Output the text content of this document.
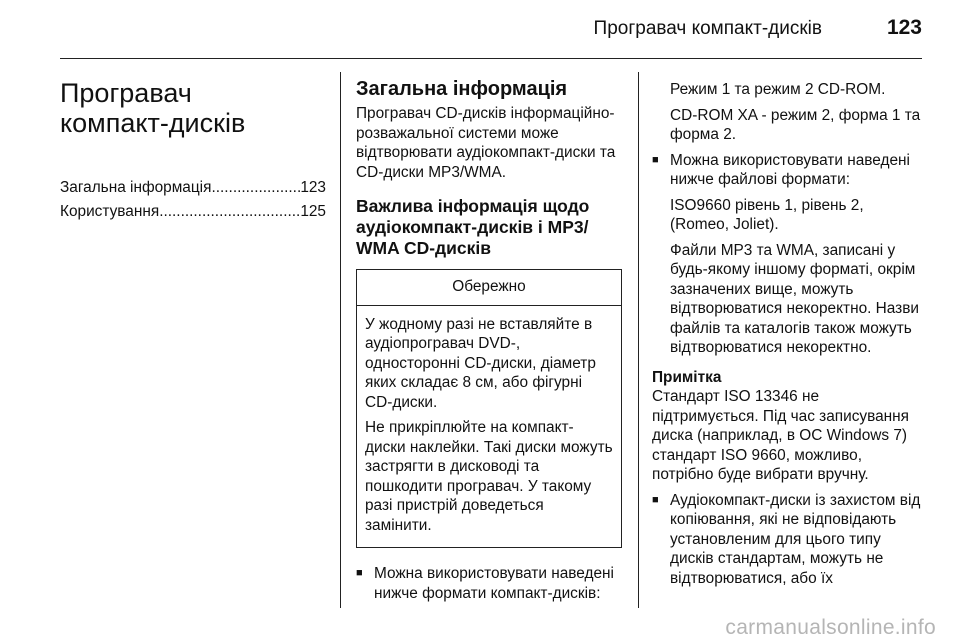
Програвач компакт-дисків	123
Програвач
компакт-дисків
Загальна інформація .....	123
Користування .....	125
Загальна інформація

Програвач CD-дисків інформаційно-розважальної системи може відтворювати аудіокомпакт-диски та CD-диски MP3/WMA.

Важлива інформація щодо аудіокомпакт-дисків і MP3/ WMA CD-дисків
Обережно

У жодному разі не вставляйте в аудіопрогравач DVD-, односторонні CD-диски, діаметр яких складає 8 см, або фігурні CD-диски.

Не прикріплюйте на компакт-диски наклейки. Такі диски можуть застрягти в дисководі та пошкодити програвач. У такому разі пристрій доведеться замінити.

■ Можна використовувати наведені нижче формати компакт-дисків:

Режим 1 та режим 2 CD-ROM.

CD-ROM XA - режим 2, форма 1 та форма 2.

■ Можна використовувати наведені нижче файлові формати:

ISO9660 рівень 1, рівень 2, (Romeo, Joliet).

Файли MP3 та WMA, записані у будь-якому іншому форматі, окрім зазначених вище, можуть відтворюватися некоректно. Назви файлів та каталогів також можуть відтворюватися некоректно.

Примітка

Стандарт ISO 13346 не підтримується. Під час записування диска (наприклад, в ОС Windows 7) стандарт ISO 9660, можливо, потрібно буде вибрати вручну.

■ Аудіокомпакт-диски із захистом від копіювання, які не відповідають установленим для цього типу дисків стандартам, можуть не відтворюватися, або їх
carmanualsonline.info
